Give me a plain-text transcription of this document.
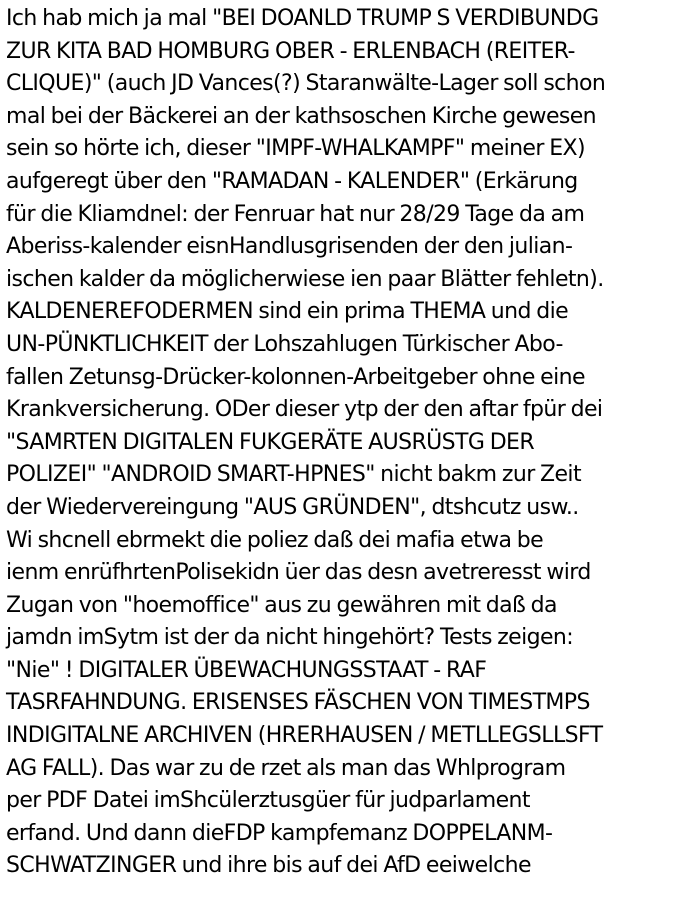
Ich hab mich ja mal "BEI DOANLD TRUMP S VERDIBUNDG
ZUR KITA BAD HOMBURG OBER - ERLENBACH (REITER-
CLIQUE)" (auch JD Vances(?) Staranwälte-Lager soll schon
mal bei der Bäckerei an der kathsoschen Kirche gewesen
sein so hörte ich, dieser "IMPF-WHALKAMPF" meiner EX)
aufgeregt über den "RAMADAN - KALENDER" (Erkärung
für die Kliamdnel: der Fenruar hat nur 28/29 Tage da am
Aberiss-kalender eisnHandlusgrisenden der den julian-
ischen kalder da möglicherwiese ien paar Blätter fehletn).
KALDENEREFODERMEN sind ein prima THEMA und die
UN-PÜNKTLICHKEIT der Lohszahlugen Türkischer Abo-
fallen Zetunsg-Drücker-kolonnen-Arbeitgeber ohne eine
Krankversicherung. ODer dieser ytp der den aftar fpür dei
"SAMRTEN DIGITALEN FUKGERÄTE AUSRÜSTG DER
POLIZEI" "ANDROID SMART-HPNES" nicht bakm zur Zeit
der Wiedervereingung "AUS GRÜNDEN", dtshcutz usw..
Wi shcnell ebrmekt die poliez daß dei mafia etwa be
ienm enrüfhrtenPolisekidn üer das desn avetreresst wird
Zugan von "hoemoffice" aus zu gewähren mit daß da
jamdn imSytm ist der da nicht hingehört? Tests zeigen:
"Nie" ! DIGITALER ÜBEWACHUNGSSTAAT - RAF
TASRFAHNDUNG. ERISENSES FÄSCHEN VON TIMESTMPS
INDIGITALNE ARCHIVEN (HRERHAUSEN / METLLEGSLLSFT
AG FALL). Das war zu de rzet als man das Whlprogram
per PDF Datei imShcülerztusgüer für judparlament
erfand. Und dann dieFDP kampfemanz DOPPELANM-
SCHWATZINGER und ihre bis auf dei AfD eeiwelche
